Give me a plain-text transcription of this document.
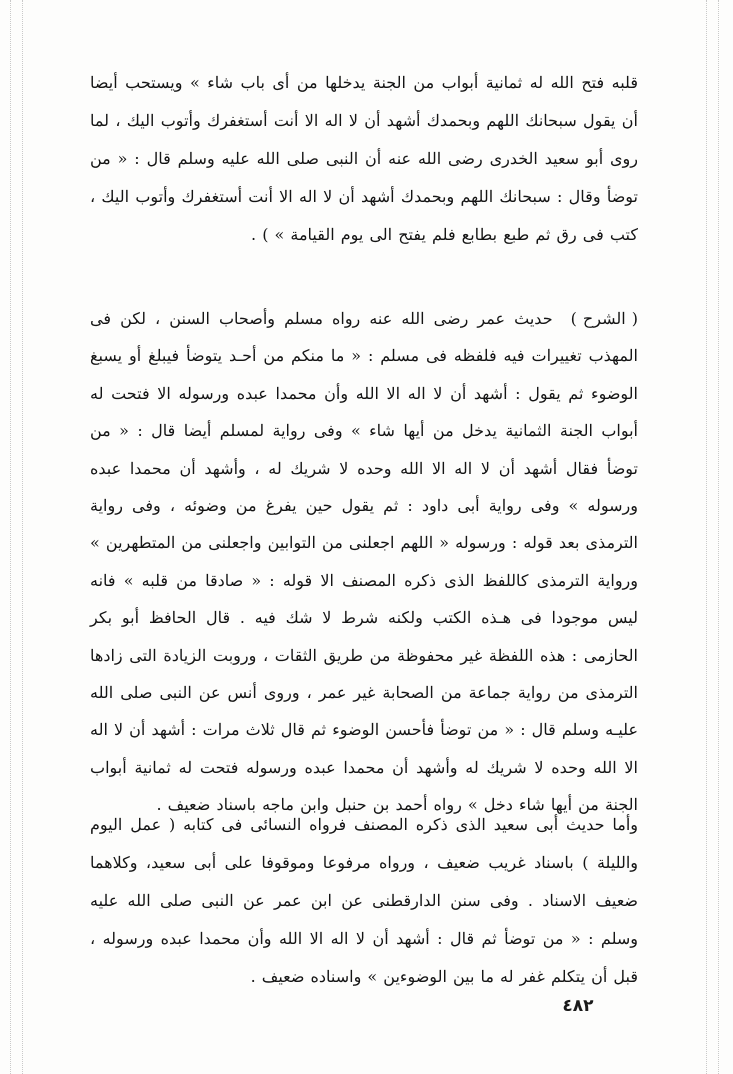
قلبه فتح الله له ثمانية أبواب من الجنة يدخلها من أى باب شاء » ويستحب أيضا أن يقول سبحانك اللهم وبحمدك أشهد أن لا اله الا أنت أستغفرك وأتوب اليك ، لما روى أبو سعيد الخدرى رضى الله عنه أن النبى صلى الله عليه وسلم قال : « من توضأ وقال : سبحانك اللهم وبحمدك أشهد أن لا اله الا أنت أستغفرك وأتوب اليك ، كتب فى رق ثم طبع بطابع فلم يفتح الى يوم القيامة » ) .

( الشرح )حديث عمر رضى الله عنه رواه مسلم وأصحاب السنن ، لكن فى المهذب تغييرات فيه فلفظه فى مسلم : « ما منكم من أحـد يتوضأ فيبلغ أو يسبغ الوضوء ثم يقول : أشهد أن لا اله الا الله وأن محمدا عبده ورسوله الا فتحت له أبواب الجنة الثمانية يدخل من أيها شاء » وفى رواية لمسلم أيضا قال : « من توضأ فقال أشهد أن لا اله الا الله وحده لا شريك له ، وأشهد أن محمدا عبده ورسوله » وفى رواية أبى داود : ثم يقول حين يفرغ من وضوئه ، وفى رواية الترمذى بعد قوله : ورسوله « اللهم اجعلنى من التوابين واجعلنى من المتطهرين » ورواية الترمذى كاللفظ الذى ذكره المصنف الا قوله : « صادقا من قلبه » فانه ليس موجودا فى هـذه الكتب ولكنه شرط لا شك فيه . قال الحافظ أبو بكر الحازمى : هذه اللفظة غير محفوظة من طريق الثقات ، وروبت الزيادة التى زادها الترمذى من رواية جماعة من الصحابة غير عمر ، وروى أنس عن النبى صلى الله عليـه وسلم قال : « من توضأ فأحسن الوضوء ثم قال ثلاث مرات : أشهد أن لا اله الا الله وحده لا شريك له وأشهد أن محمدا عبده ورسوله فتحت له ثمانية أبواب الجنة من أيها شاء دخل » رواه أحمد بن حنبل وابن ماجه باسناد ضعيف .

وأما حديث أبى سعيد الذى ذكره المصنف فرواه النسائى فى كتابه ( عمل اليوم والليلة ) باسناد غريب ضعيف ، ورواه مرفوعا وموقوفا على أبى سعيد، وكلاهما ضعيف الاسناد . وفى سنن الدارقطنى عن ابن عمر عن النبى صلى الله عليه وسلم : « من توضأ ثم قال : أشهد أن لا اله الا الله وأن محمدا عبده ورسوله ، قبل أن يتكلم غفر له ما بين الوضوءين » واسناده ضعيف .

٤٨٢
